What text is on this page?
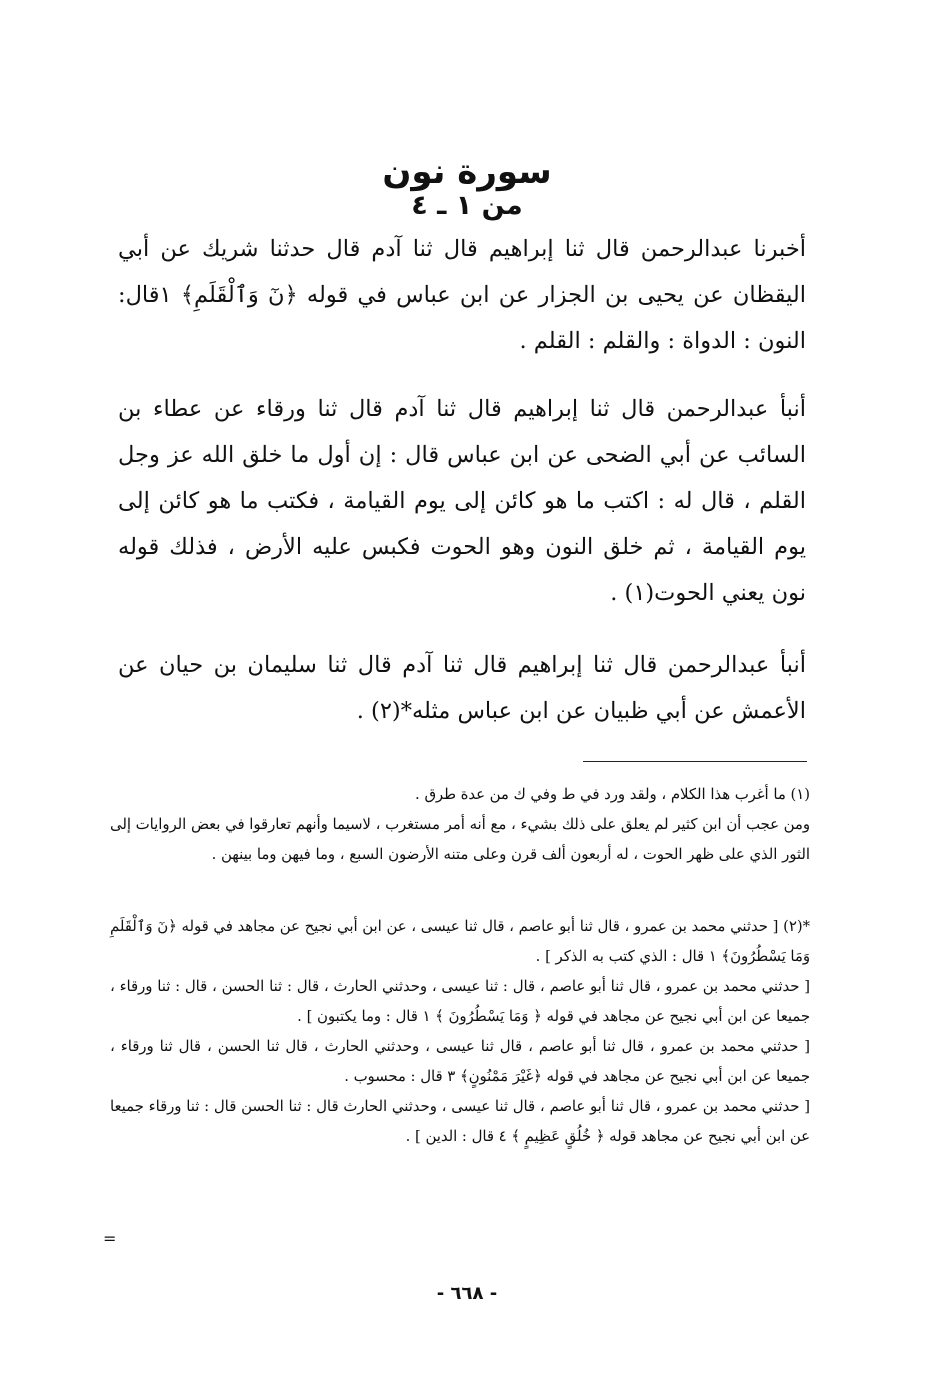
سورة نون
من ١ ـ ٤
أخبرنا عبدالرحمن قال ثنا إبراهيم قال ثنا آدم قال حدثنا شريك عن أبي اليقظان عن يحيى بن الجزار عن ابن عباس في قوله ﴿نٓ وَٱلْقَلَمِ﴾ ١قال: النون : الدواة : والقلم : القلم .
أنبأ عبدالرحمن قال ثنا إبراهيم قال ثنا آدم قال ثنا ورقاء عن عطاء بن السائب عن أبي الضحى عن ابن عباس قال : إن أول ما خلق الله عز وجل القلم ، قال له : اكتب ما هو كائن إلى يوم القيامة ، فكتب ما هو كائن إلى يوم القيامة ، ثم خلق النون وهو الحوت فكبس عليه الأرض ، فذلك قوله نون يعني الحوت(١) .
أنبأ عبدالرحمن قال ثنا إبراهيم قال ثنا آدم قال ثنا سليمان بن حيان عن الأعمش عن أبي ظبيان عن ابن عباس مثله*(٢) .

(١) ما أغرب هذا الكلام ، ولقد ورد في ط وفي ك من عدة طرق .

ومن عجب أن ابن كثير لم يعلق على ذلك بشيء ، مع أنه أمر مستغرب ، لاسيما وأنهم تعارقوا في بعض الروايات إلى الثور الذي على ظهر الحوت ، له أربعون ألف قرن وعلى متنه الأرضون السبع ، وما فيهن وما بينهن .

*(٢) [ حدثني محمد بن عمرو ، قال ثنا أبو عاصم ، قال ثنا عيسى ، عن ابن أبي نجيح عن مجاهد في قوله ﴿نٓ وَٱلْقَلَمِ وَمَا يَسْطُرُونَ﴾ ١ قال : الذي كتب به الذكر ] .

[ حدثني محمد بن عمرو ، قال ثنا أبو عاصم ، قال : ثنا عيسى ، وحدثني الحارث ، قال : ثنا الحسن ، قال : ثنا ورقاء ، جميعا عن ابن أبي نجيح عن مجاهد في قوله ﴿ وَمَا يَسْطُرُونَ ﴾ ١ قال : وما يكتبون ] .

[ حدثني محمد بن عمرو ، قال ثنا أبو عاصم ، قال ثنا عيسى ، وحدثني الحارث ، قال ثنا الحسن ، قال ثنا ورقاء ، جميعا عن ابن أبي نجيح عن مجاهد في قوله ﴿غَيْرَ مَمْنُونٍ﴾ ٣ قال : محسوب .

[ حدثني محمد بن عمرو ، قال ثنا أبو عاصم ، قال ثنا عيسى ، وحدثني الحارث قال : ثنا الحسن قال : ثنا ورقاء جميعا عن ابن أبي نجيح عن مجاهد قوله ﴿ خُلُقٍ عَظِيمٍ ﴾ ٤ قال : الدين ] .

=
- ٦٦٨ -
